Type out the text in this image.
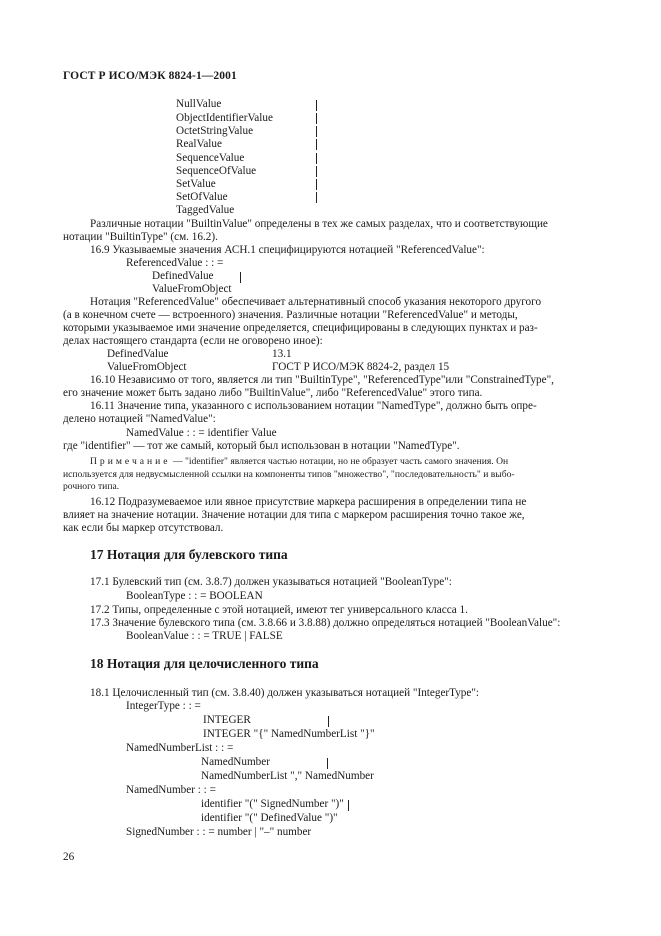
ГОСТ Р ИСО/МЭК 8824-1—2001
NullValue
ObjectIdentifierValue
OctetStringValue
RealValue
SequenceValue
SequenceOfValue
SetValue
SetOfValue
TaggedValue
Различные нотации "BuiltinValue" определены в тех же самых разделах, что и соответствующие
нотации "BuiltinType" (см. 16.2).
16.9 Указываемые значения АСН.1 специфицируются нотацией "ReferencedValue":
ReferencedValue : : =
DefinedValue
ValueFromObject
Нотация "ReferencedValue" обеспечивает альтернативный способ указания некоторого другого
(а в конечном счете — встроенного) значения. Различные нотации "ReferencedValue" и методы,
которыми указываемое ими значение определяется, специфицированы в следующих пунктах и раз-
делах настоящего стандарта (если не оговорено иное):
DefinedValue	13.1
ValueFromObject	ГОСТ Р ИСО/МЭК 8824-2, раздел 15
16.10 Независимо от того, является ли тип "BuiltinType", "ReferencedType"или "ConstrainedType",
его значение может быть задано либо "BuiltinValue", либо "ReferencedValue" этого типа.
16.11 Значение типа, указанного с использованием нотации "NamedType", должно быть опре-
делено нотацией "NamedValue":
NamedValue : : = identifier Value
где "identifier" — тот же самый, который был использован в нотации "NamedType".
Примечание — "identifier" является частью нотации, но не образует часть самого значения. Он
используется для недвусмысленной ссылки на компоненты типов "множество", "последовательность" и выбо-
рочного типа.
16.12 Подразумеваемое или явное присутствие маркера расширения в определении типа не
влияет на значение нотации. Значение нотации для типа с маркером расширения точно такое же,
как если бы маркер отсутствовал.
17 Нотация для булевского типа
17.1 Булевский тип (см. 3.8.7) должен указываться нотацией "BooleanType":
BooleanType : : = BOOLEAN
17.2 Типы, определенные с этой нотацией, имеют тег универсального класса 1.
17.3 Значение булевского типа (см. 3.8.66 и 3.8.88) должно определяться нотацией "BooleanValue":
BooleanValue : : = TRUE | FALSE
18 Нотация для целочисленного типа
18.1 Целочисленный тип (см. 3.8.40) должен указываться нотацией "IntegerType":
IntegerType : : =
INTEGER
INTEGER "{" NamedNumberList "}"
NamedNumberList : : =
NamedNumber
NamedNumberList "," NamedNumber
NamedNumber : : =
identifier "(" SignedNumber ")"
identifier "(" DefinedValue ")"
SignedNumber : : = number | "–" number
26
